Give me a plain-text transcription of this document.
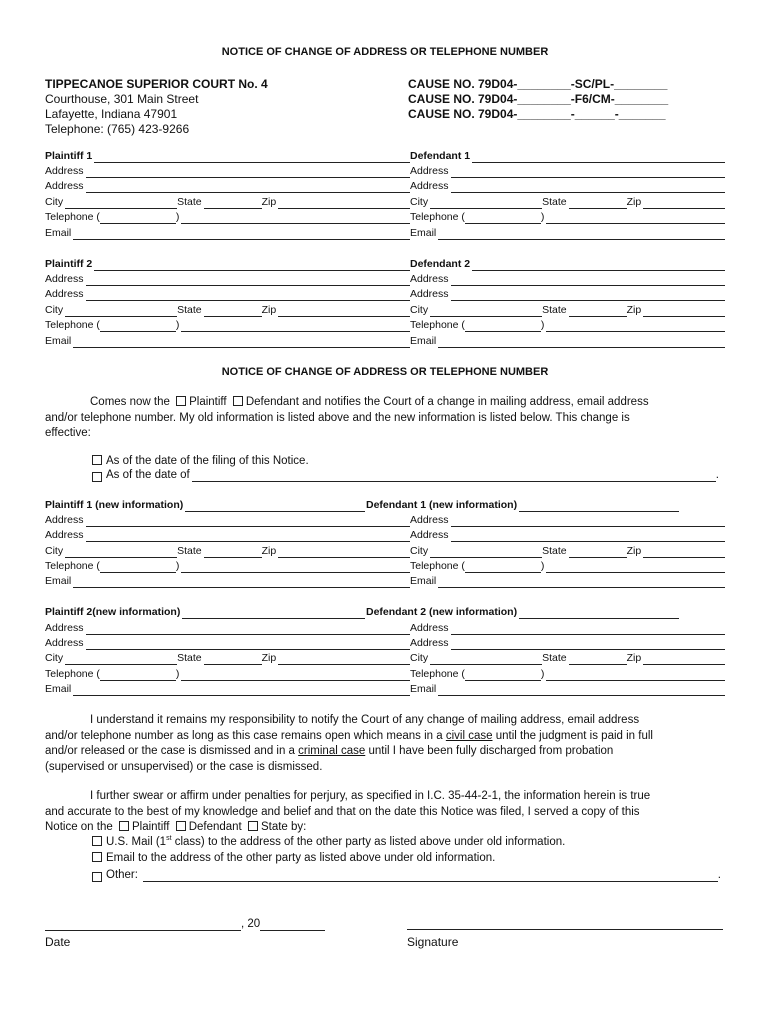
NOTICE OF CHANGE OF ADDRESS OR TELEPHONE NUMBER
TIPPECANOE SUPERIOR COURT No. 4
Courthouse, 301 Main Street
Lafayette, Indiana 47901
Telephone: (765) 423-9266
CAUSE NO. 79D04-________-SC/PL-________
CAUSE NO. 79D04-________-F6/CM-________
CAUSE NO. 79D04-________-______-_______
Plaintiff 1	Defendant 1
Address	Address
Address	Address
City	State	Zip	City	State	Zip
Telephone (	)	Telephone (	)
Email	Email
Plaintiff 2	Defendant 2
Address	Address
Address	Address
City	State	Zip	City	State	Zip
Telephone (	)	Telephone (	)
Email	Email
NOTICE OF CHANGE OF ADDRESS OR TELEPHONE NUMBER
Comes now the Plaintiff Defendant and notifies the Court of a change in mailing address, email address
and/or telephone number. My old information is listed above and the new information is listed below. This change is
effective:
As of the date of the filing of this Notice.
As of the date of	.
Plaintiff 1 (new information)	Defendant 1 (new information)
Address	Address
Address	Address
City	State	Zip	City	State	Zip
Telephone (	)	Telephone (	)
Email	Email
Plaintiff 2(new information)	Defendant 2 (new information)
Address	Address
Address	Address
City	State	Zip	City	State	Zip
Telephone (	)	Telephone (	)
Email	Email
I understand it remains my responsibility to notify the Court of any change of mailing address, email address
and/or telephone number as long as this case remains open which means in a civil case until the judgment is paid in full
and/or released or the case is dismissed and in a criminal case until I have been fully discharged from probation
(supervised or unsupervised) or the case is dismissed.
I further swear or affirm under penalties for perjury, as specified in I.C. 35-44-2-1, the information herein is true
and accurate to the best of my knowledge and belief and that on the date this Notice was filed, I served a copy of this
Notice on the Plaintiff Defendant State by:
U.S. Mail (1st class) to the address of the other party as listed above under old information.
Email to the address of the other party as listed above under old information.
Other:	.
, 20
Date	Signature
